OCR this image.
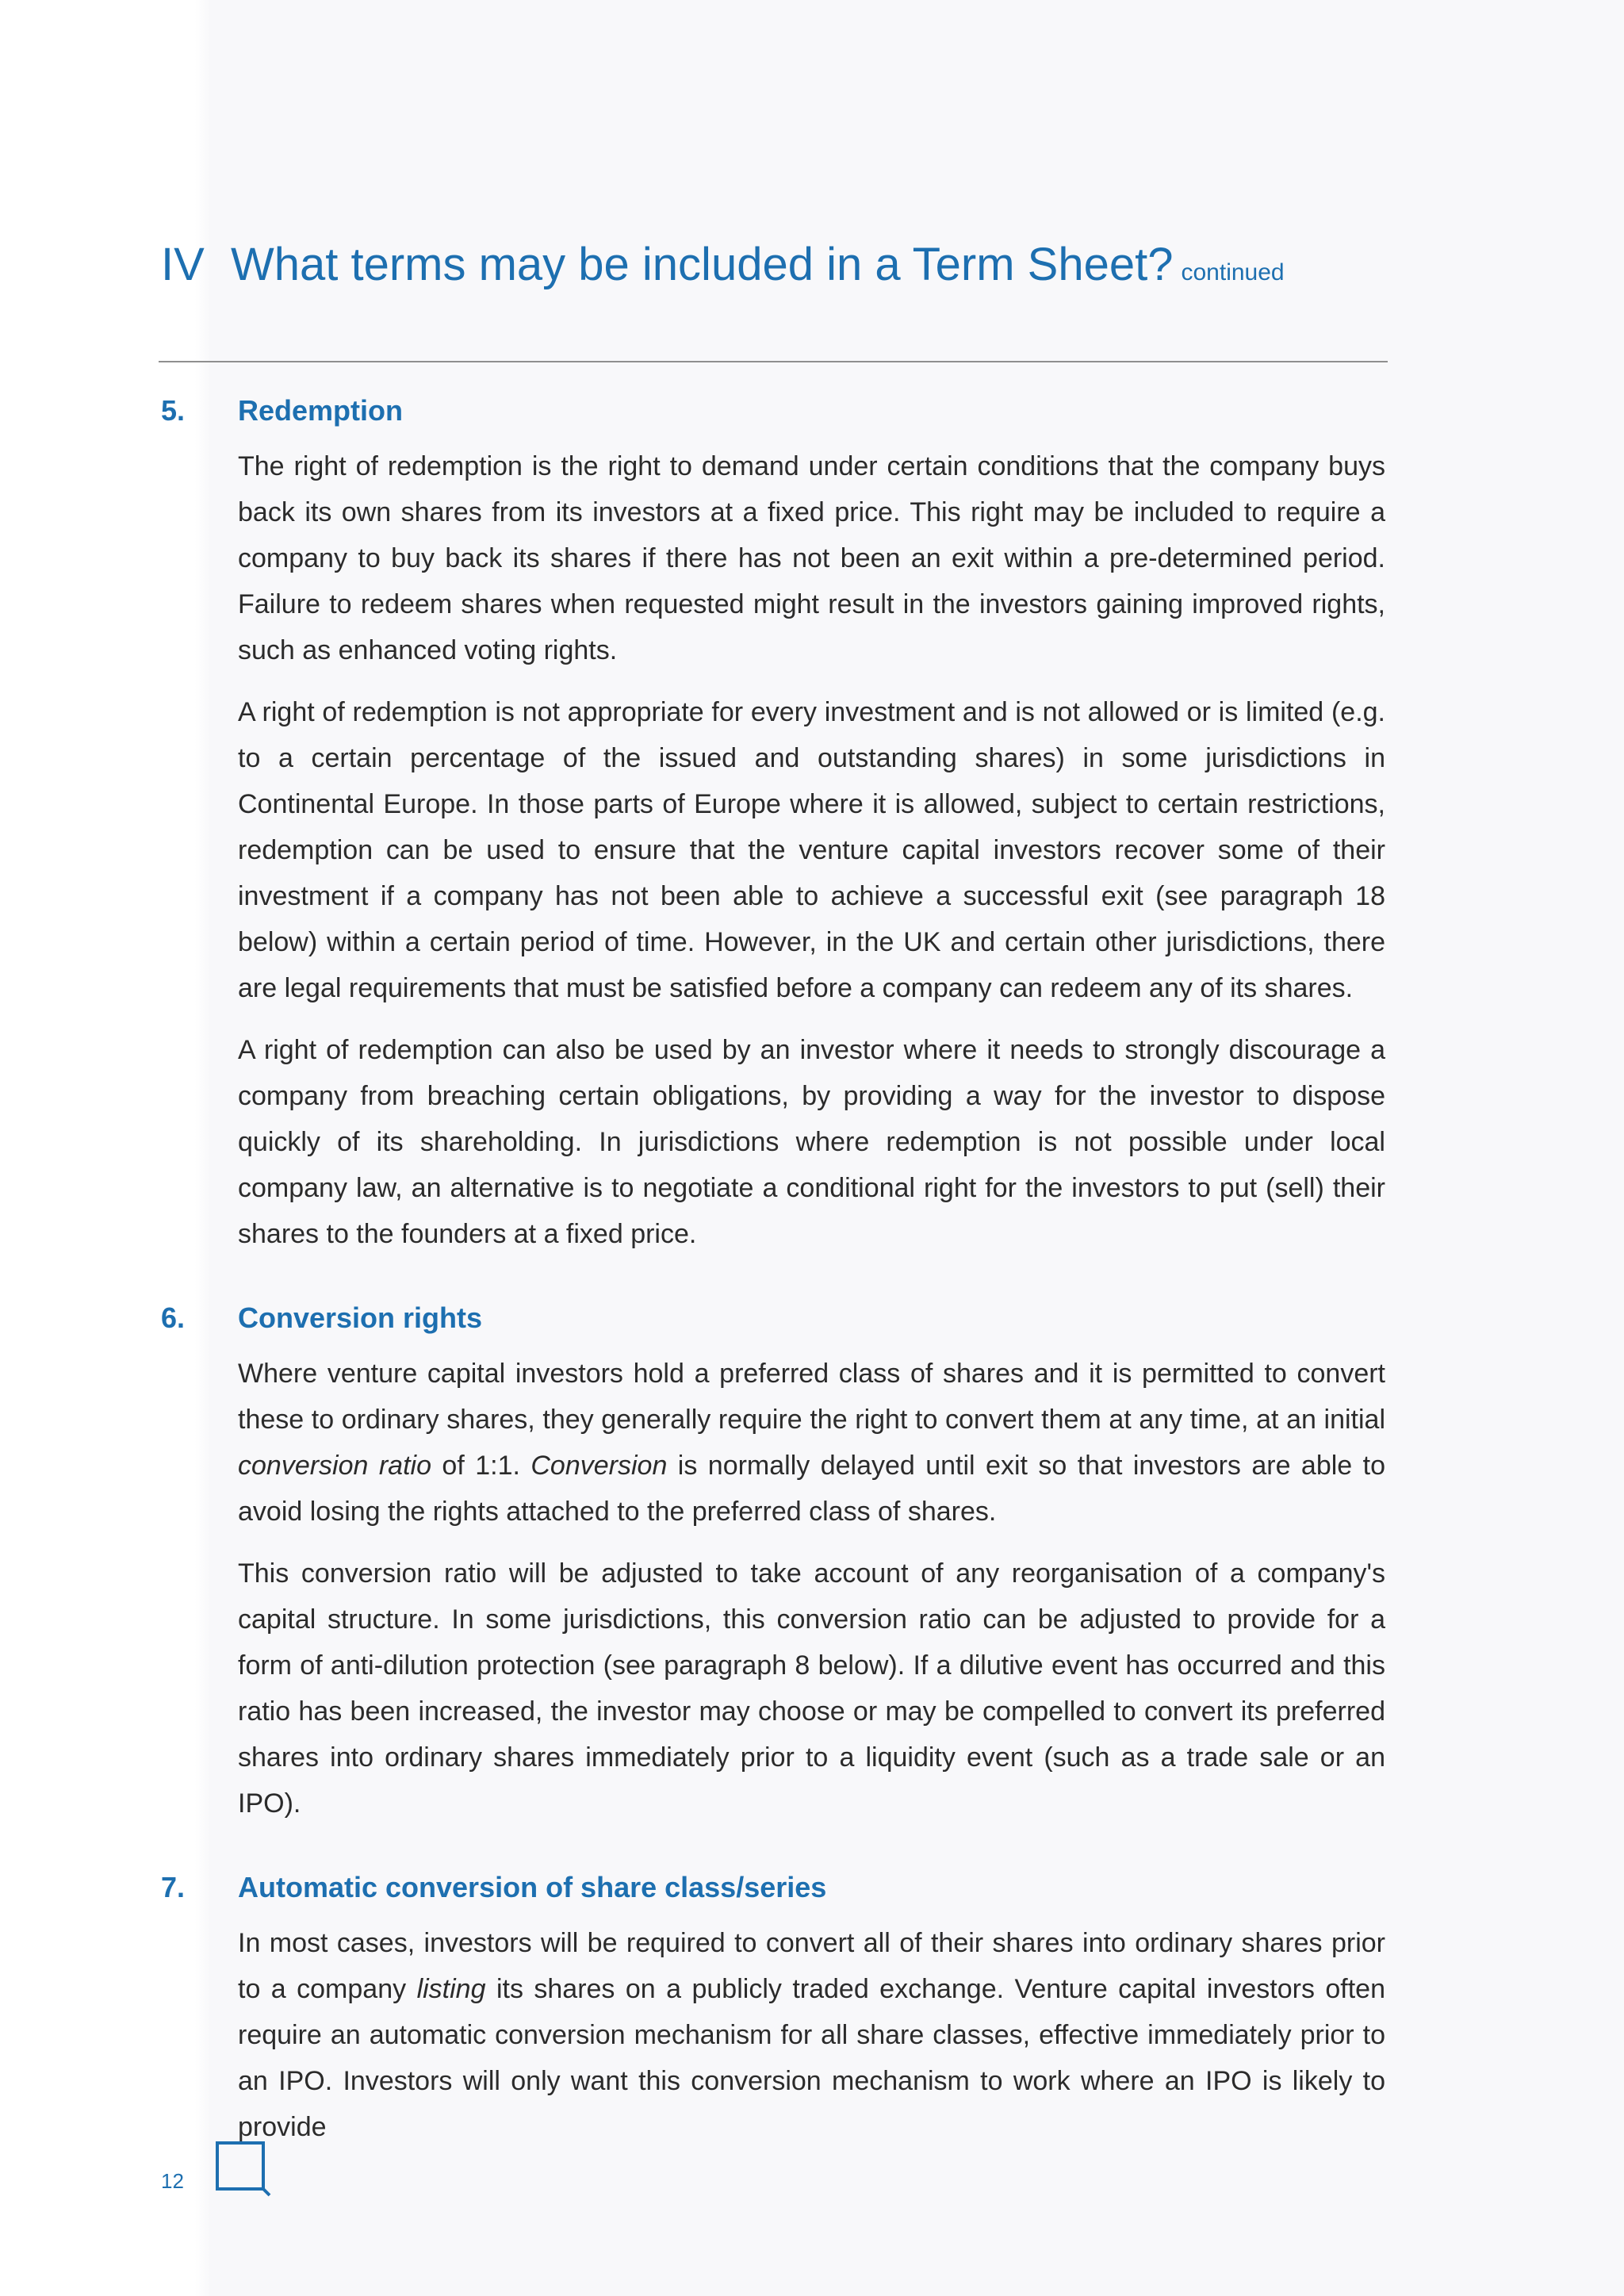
IV What terms may be included in a Term Sheet? continued
5.	Redemption

The right of redemption is the right to demand under certain conditions that the company buys back its own shares from its investors at a fixed price. This right may be included to require a company to buy back its shares if there has not been an exit within a pre-determined period. Failure to redeem shares when requested might result in the investors gaining improved rights, such as enhanced voting rights.

A right of redemption is not appropriate for every investment and is not allowed or is limited (e.g. to a certain percentage of the issued and outstanding shares) in some jurisdictions in Continental Europe. In those parts of Europe where it is allowed, subject to certain restrictions, redemption can be used to ensure that the venture capital investors recover some of their investment if a company has not been able to achieve a successful exit (see paragraph 18 below) within a certain period of time. However, in the UK and certain other jurisdictions, there are legal requirements that must be satisfied before a company can redeem any of its shares.

A right of redemption can also be used by an investor where it needs to strongly discourage a company from breaching certain obligations, by providing a way for the investor to dispose quickly of its shareholding. In jurisdictions where redemption is not possible under local company law, an alternative is to negotiate a conditional right for the investors to put (sell) their shares to the founders at a fixed price.

6.	Conversion rights

Where venture capital investors hold a preferred class of shares and it is permitted to convert these to ordinary shares, they generally require the right to convert them at any time, at an initial conversion ratio of 1:1. Conversion is normally delayed until exit so that investors are able to avoid losing the rights attached to the preferred class of shares.

This conversion ratio will be adjusted to take account of any reorganisation of a company's capital structure. In some jurisdictions, this conversion ratio can be adjusted to provide for a form of anti-dilution protection (see paragraph 8 below). If a dilutive event has occurred and this ratio has been increased, the investor may choose or may be compelled to convert its preferred shares into ordinary shares immediately prior to a liquidity event (such as a trade sale or an IPO).

7.	Automatic conversion of share class/series

In most cases, investors will be required to convert all of their shares into ordinary shares prior to a company listing its shares on a publicly traded exchange. Venture capital investors often require an automatic conversion mechanism for all share classes, effective immediately prior to an IPO. Investors will only want this conversion mechanism to work where an IPO is likely to provide

12
